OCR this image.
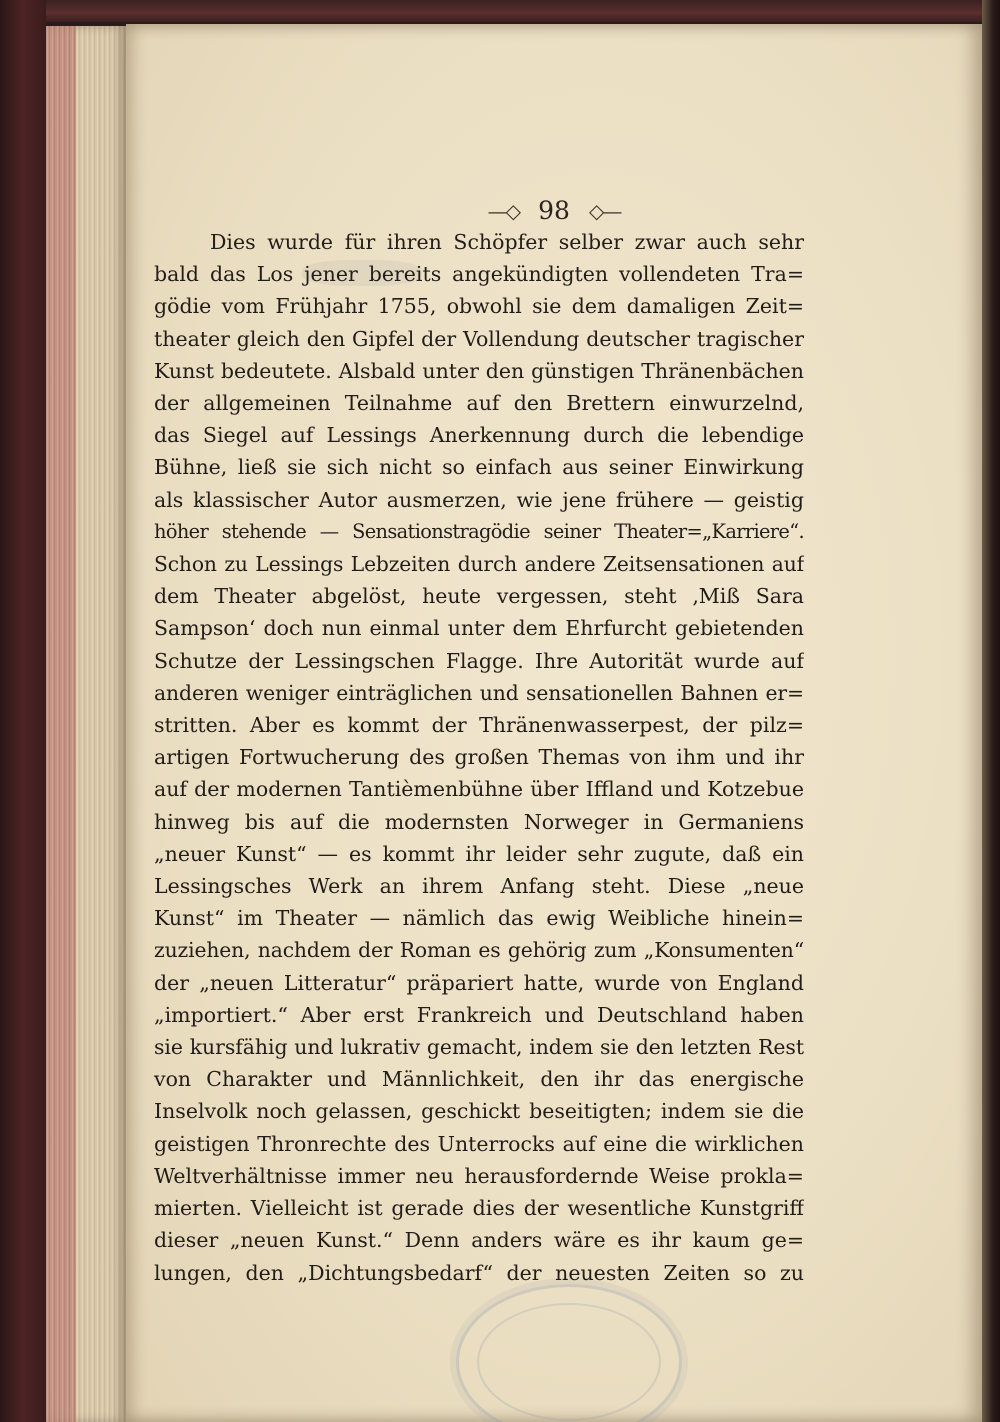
—◇ 98 ◇—
Dies wurde für ihren Schöpfer selber zwar auch sehr
bald das Los jener bereits angekündigten vollendeten Tra=
gödie vom Frühjahr 1755, obwohl sie dem damaligen Zeit=
theater gleich den Gipfel der Vollendung deutscher tragischer
Kunst bedeutete. Alsbald unter den günstigen Thränenbächen
der allgemeinen Teilnahme auf den Brettern einwurzelnd,
das Siegel auf Lessings Anerkennung durch die lebendige
Bühne, ließ sie sich nicht so einfach aus seiner Einwirkung
als klassischer Autor ausmerzen, wie jene frühere — geistig
höher stehende — Sensationstragödie seiner Theater=„Karriere“.
Schon zu Lessings Lebzeiten durch andere Zeitsensationen auf
dem Theater abgelöst, heute vergessen, steht ‚Miß Sara
Sampson‘ doch nun einmal unter dem Ehrfurcht gebietenden
Schutze der Lessingschen Flagge. Ihre Autorität wurde auf
anderen weniger einträglichen und sensationellen Bahnen er=
stritten. Aber es kommt der Thränenwasserpest, der pilz=
artigen Fortwucherung des großen Themas von ihm und ihr
auf der modernen Tantièmenbühne über Iffland und Kotzebue
hinweg bis auf die modernsten Norweger in Germaniens
„neuer Kunst“ — es kommt ihr leider sehr zugute, daß ein
Lessingsches Werk an ihrem Anfang steht. Diese „neue
Kunst“ im Theater — nämlich das ewig Weibliche hinein=
zuziehen, nachdem der Roman es gehörig zum „Konsumenten“
der „neuen Litteratur“ präpariert hatte, wurde von England
„importiert.“ Aber erst Frankreich und Deutschland haben
sie kursfähig und lukrativ gemacht, indem sie den letzten Rest
von Charakter und Männlichkeit, den ihr das energische
Inselvolk noch gelassen, geschickt beseitigten; indem sie die
geistigen Thronrechte des Unterrocks auf eine die wirklichen
Weltverhältnisse immer neu herausfordernde Weise prokla=
mierten. Vielleicht ist gerade dies der wesentliche Kunstgriff
dieser „neuen Kunst.“ Denn anders wäre es ihr kaum ge=
lungen, den „Dichtungsbedarf“ der neuesten Zeiten so zu
